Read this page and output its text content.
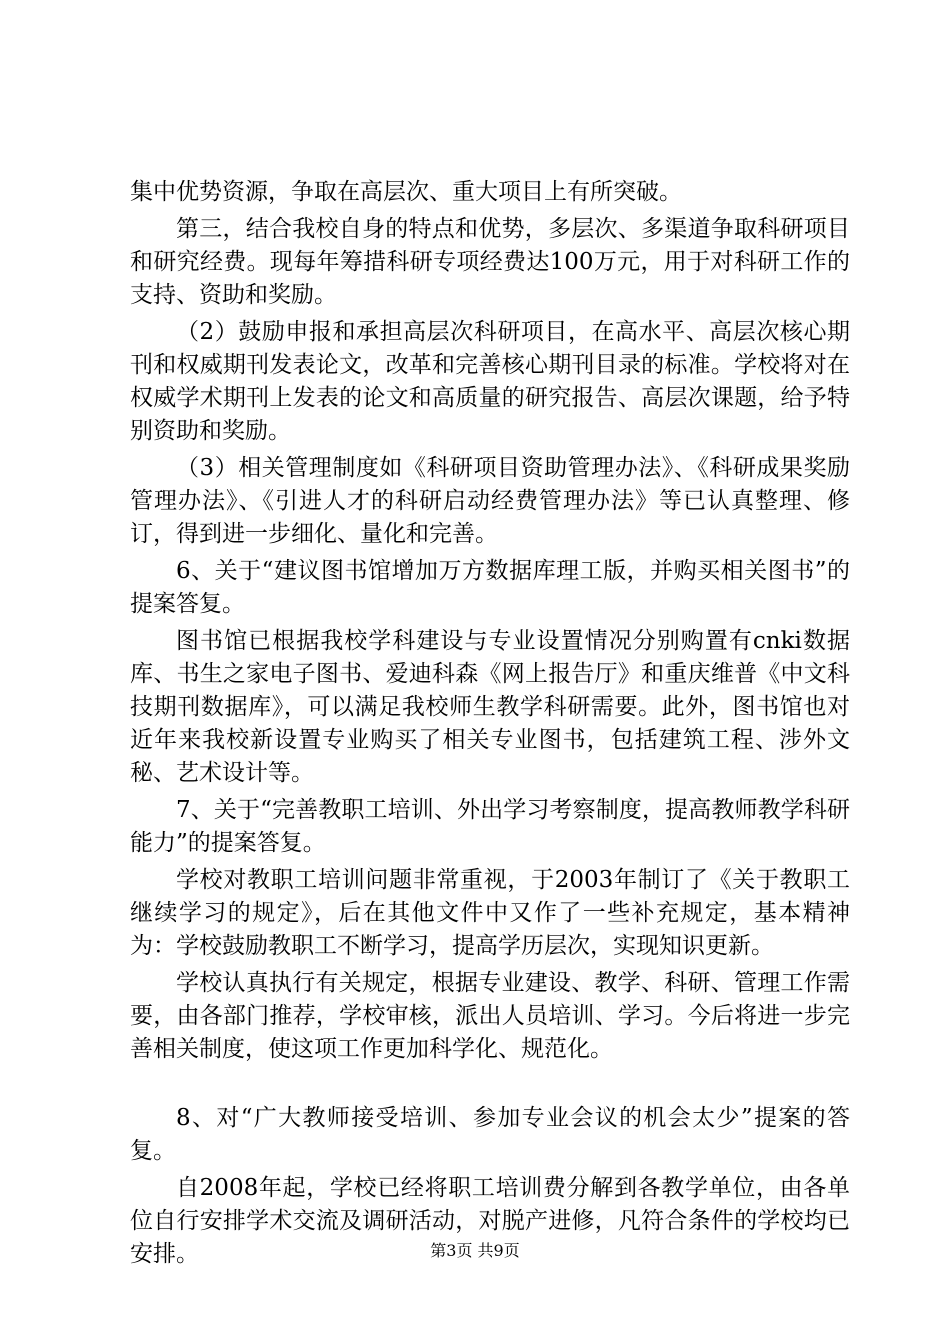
集中优势资源，争取在高层次、重大项目上有所突破。

第三，结合我校自身的特点和优势，多层次、多渠道争取科研项目和研究经费。现每年筹措科研专项经费达100万元，用于对科研工作的支持、资助和奖励。

（2）鼓励申报和承担高层次科研项目，在高水平、高层次核心期刊和权威期刊发表论文，改革和完善核心期刊目录的标准。学校将对在权威学术期刊上发表的论文和高质量的研究报告、高层次课题，给予特别资助和奖励。

（3）相关管理制度如《科研项目资助管理办法》、《科研成果奖励管理办法》、《引进人才的科研启动经费管理办法》等已认真整理、修订，得到进一步细化、量化和完善。

6、关于“建议图书馆增加万方数据库理工版，并购买相关图书”的提案答复。

图书馆已根据我校学科建设与专业设置情况分别购置有cnki数据库、书生之家电子图书、爱迪科森《网上报告厅》和重庆维普《中文科技期刊数据库》，可以满足我校师生教学科研需要。此外，图书馆也对近年来我校新设置专业购买了相关专业图书，包括建筑工程、涉外文秘、艺术设计等。

7、关于“完善教职工培训、外出学习考察制度，提高教师教学科研能力”的提案答复。

学校对教职工培训问题非常重视，于2003年制订了《关于教职工继续学习的规定》，后在其他文件中又作了一些补充规定，基本精神为：学校鼓励教职工不断学习，提高学历层次，实现知识更新。

学校认真执行有关规定，根据专业建设、教学、科研、管理工作需要，由各部门推荐，学校审核，派出人员培训、学习。今后将进一步完善相关制度，使这项工作更加科学化、规范化。

8、对“广大教师接受培训、参加专业会议的机会太少”提案的答复。

自2008年起，学校已经将职工培训费分解到各教学单位，由各单位自行安排学术交流及调研活动，对脱产进修，凡符合条件的学校均已安排。	第3页 共9页
